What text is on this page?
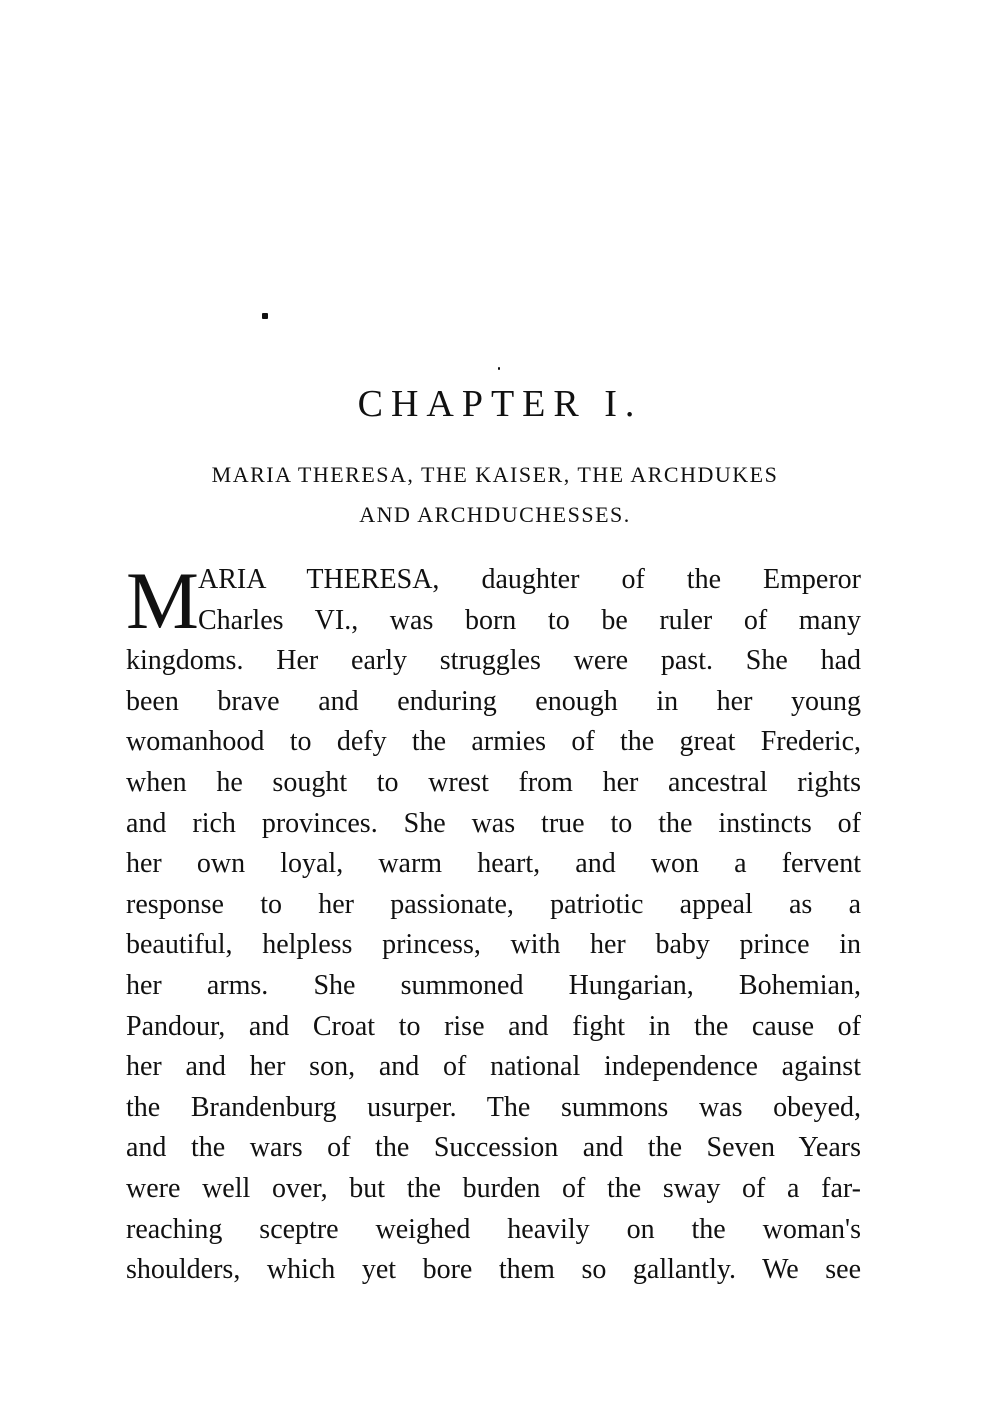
CHAPTER I.
MARIA THERESA, THE KAISER, THE ARCHDUKES
AND ARCHDUCHESSES.
M ARIA THERESA, daughter of the Emperor
Charles VI., was born to be ruler of many
kingdoms. Her early struggles were past. She had
been brave and enduring enough in her young
womanhood to defy the armies of the great Frederic,
when he sought to wrest from her ancestral rights
and rich provinces. She was true to the instincts of
her own loyal, warm heart, and won a fervent
response to her passionate, patriotic appeal as a
beautiful, helpless princess, with her baby prince in
her arms. She summoned Hungarian, Bohemian,
Pandour, and Croat to rise and fight in the cause of
her and her son, and of national independence against
the Brandenburg usurper. The summons was obeyed,
and the wars of the Succession and the Seven Years
were well over, but the burden of the sway of a far-
reaching sceptre weighed heavily on the woman's
shoulders, which yet bore them so gallantly. We see
